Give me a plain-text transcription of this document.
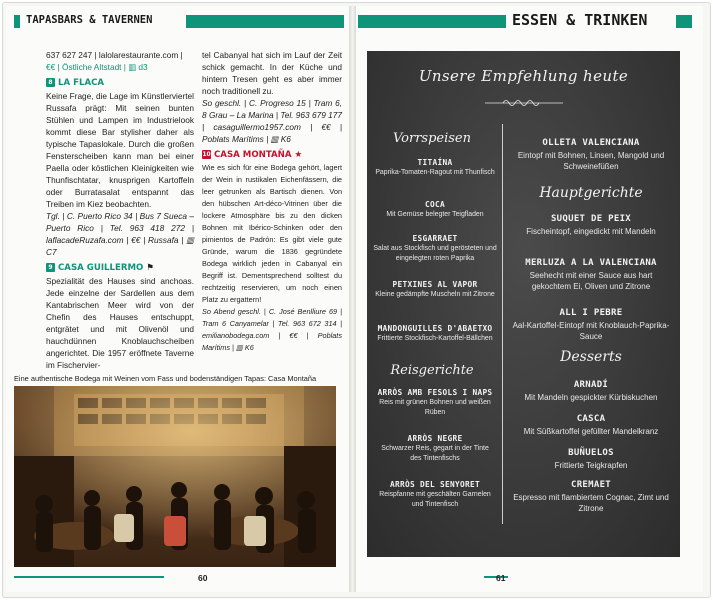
TAPASBARS & TAVERNEN	ESSEN & TRINKEN

637 627 247 | lalolarestaurante.com |

€€ | Östliche Altstadt | ▥ d3

8 LA FLACA

Keine Frage, die Lage im Künstlerviertel Russafa prägt: Mit seinen bunten Stühlen und Lampen im Industrielook kommt diese Bar stylisher daher als typische Tapaslokale. Durch die großen Fensterscheiben kann man bei einer Paella oder köstlichen Kleinigkeiten wie Thunfischtatar, knusprigen Kartoffeln oder Burratasalat entspannt das Treiben im Kiez beobachten.

Tgl. | C. Puerto Rico 34 | Bus 7 Sueca – Puerto Rico | Tel. 963 418 272 | laflacadeRuzafa.com | €€ | Russafa | ▥ C7

9 CASA GUILLERMO ⚑

Spezialität des Hauses sind anchoas. Jede einzelne der Sardellen aus dem Kantabrischen Meer wird von der Chefin des Hauses entschuppt, entgrätet und mit Olivenöl und hauchdünnen Knoblauchscheiben angerichtet. Die 1957 eröffnete Taverne im Fischervier-

tel Cabanyal hat sich im Lauf der Zeit schick gemacht. In der Küche und hintern Tresen geht es aber immer noch traditionell zu.

So geschl. | C. Progreso 15 | Tram 6, 8 Grau – La Marina | Tel. 963 679 177 | casaguillermo1957.com | €€ | Poblats Marítims | ▥ K6

10 CASA MONTAÑA ★

Wie es sich für eine Bodega gehört, lagert der Wein in rustikalen Eichenfässern, die leer getrunken als Bartisch dienen. Von den hübschen Art-déco-Vitrinen über die lockere Atmosphäre bis zu den dicken Bohnen mit Ibérico-Schinken oder den pimientos de Padrón: Es gibt viele gute Gründe, warum die 1836 gegründete Bodega wirklich jeden in Cabanyal ein Begriff ist. Dementsprechend solltest du rechtzeitig reservieren, um noch einen Platz zu ergattern!

So Abend geschl. | C. José Benlliure 69 | Tram 6 Canyamelar | Tel. 963 672 314 | emilianobodega.com | €€ | Poblats Marítims | ▥ K6

Eine authentische Bodega mit Weinen vom Fass und bodenständigen Tapas: Casa Montaña
60	61
Unsere Empfehlung heute
Vorrspeisen
TITAÍNA
Paprika-Tomaten-Ragout mit Thunfisch
COCA
Mit Gemüse belegter Teigfladen
ESGARRAET
Salat aus Stockfisch und gerösteten und eingelegten roten Paprika
PETXINES AL VAPOR
Kleine gedämpfte Muscheln mit Zitrone
MANDONGUILLES D'ABAETXO
Frittierte Stockfisch-Kartoffel-Bällchen
Reisgerichte
ARRÒS AMB FESOLS I NAPS
Reis mit grünen Bohnen und weißen Rüben
ARRÒS NEGRE
Schwarzer Reis, gegart in der Tinte des Tintenfischs
ARRÒS DEL SENYORET
Reispfanne mit geschälten Garnelen und Tintenfisch
OLLETA VALENCIANA
Eintopf mit Bohnen, Linsen, Mangold und Schweinefüßen
Hauptgerichte
SUQUET DE PEIX
Fischeintopf, eingedickt mit Mandeln
MERLUZA A LA VALENCIANA
Seehecht mit einer Sauce aus hart gekochtem Ei, Oliven und Zitrone
ALL I PEBRE
Aal-Kartoffel-Eintopf mit Knoblauch-Paprika-Sauce
Desserts
ARNADÍ
Mit Mandeln gespickter Kürbiskuchen
CASCA
Mit Süßkartoffel gefüllter Mandelkranz
BUÑUELOS
Frittierte Teigkrapfen
CREMAET
Espresso mit flambiertem Cognac, Zimt und Zitrone
